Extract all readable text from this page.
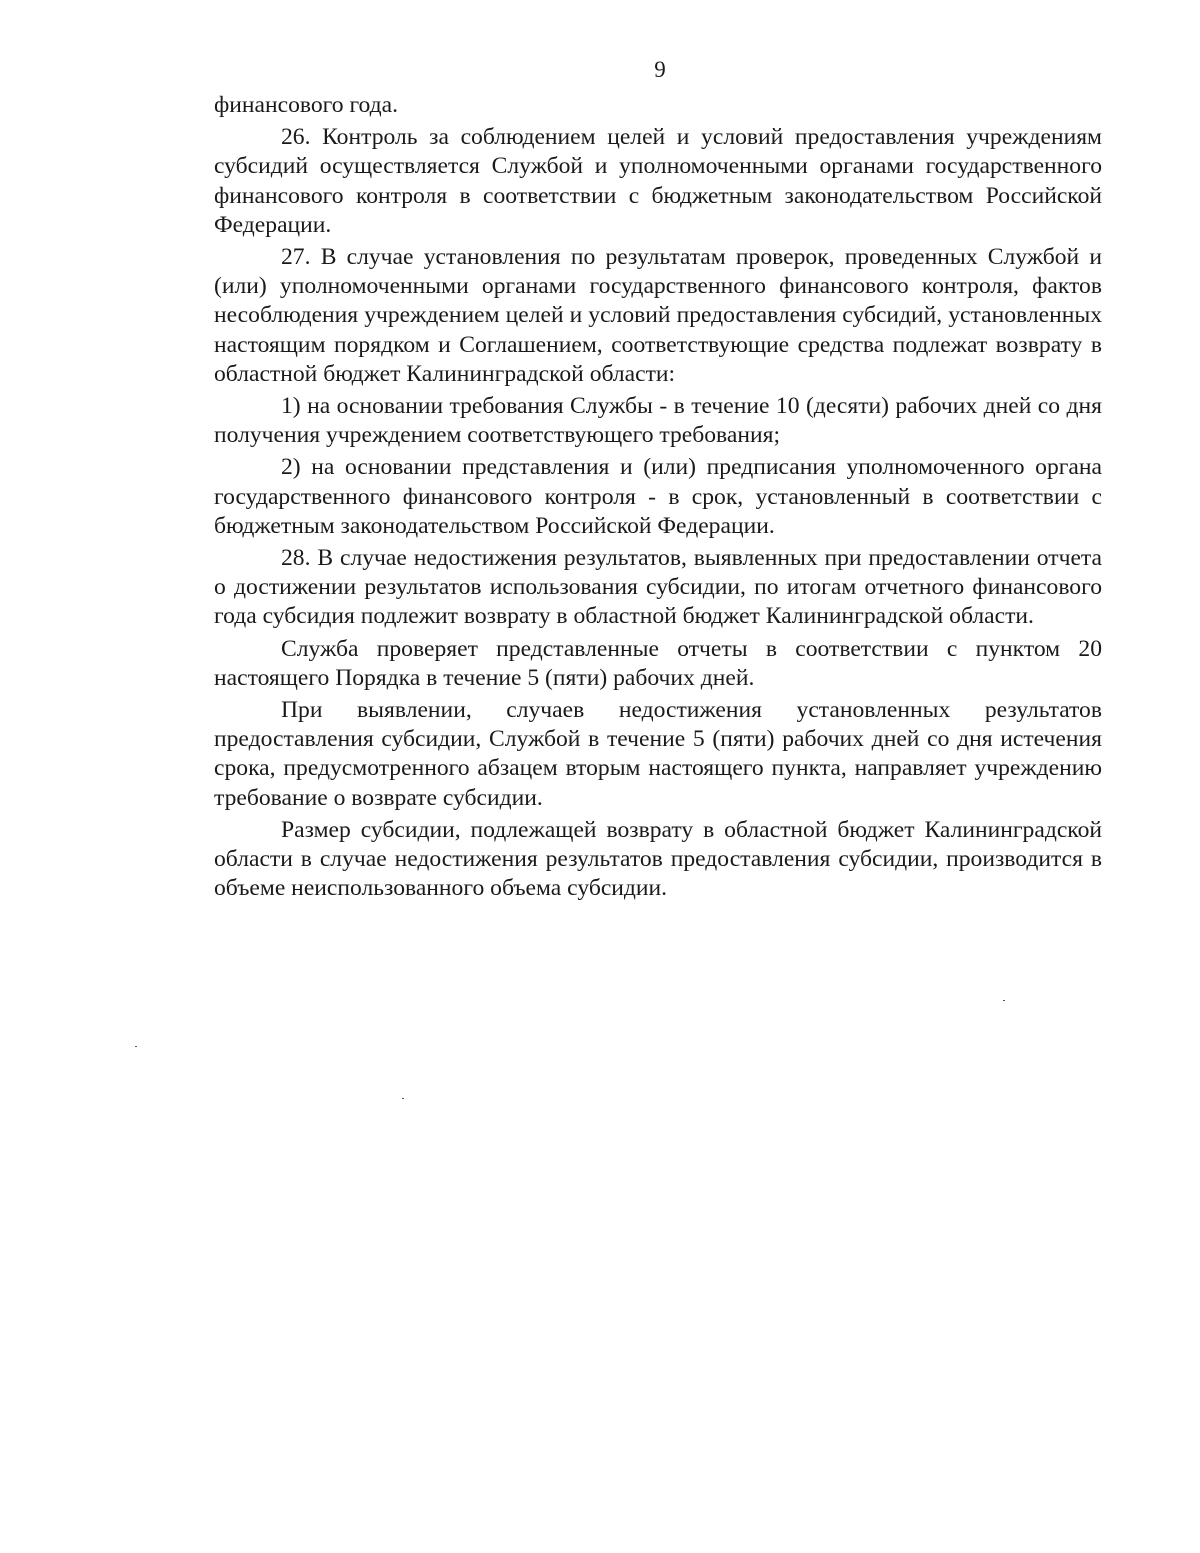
9

финансового года.

26. Контроль за соблюдением целей и условий предоставления учреждениям субсидий осуществляется Службой и уполномоченными органами государственного финансового контроля в соответствии с бюджетным законодательством Российской Федерации.

27. В случае установления по результатам проверок, проведенных Службой и (или) уполномоченными органами государственного финансового контроля, фактов несоблюдения учреждением целей и условий предоставления субсидий, установленных настоящим порядком и Соглашением, соответствующие средства подлежат возврату в областной бюджет Калининградской области:

1) на основании требования Службы - в течение 10 (десяти) рабочих дней со дня получения учреждением соответствующего требования;

2) на основании представления и (или) предписания уполномоченного органа государственного финансового контроля - в срок, установленный в соответствии с бюджетным законодательством Российской Федерации.

28. В случае недостижения результатов, выявленных при предоставлении отчета о достижении результатов использования субсидии, по итогам отчетного финансового года субсидия подлежит возврату в областной бюджет Калининградской области.

Служба проверяет представленные отчеты в соответствии с пунктом 20 настоящего Порядка в течение 5 (пяти) рабочих дней.

При выявлении, случаев недостижения установленных результатов предоставления субсидии, Службой в течение 5 (пяти) рабочих дней со дня истечения срока, предусмотренного абзацем вторым настоящего пункта, направляет учреждению требование о возврате субсидии.

Размер субсидии, подлежащей возврату в областной бюджет Калининградской области в случае недостижения результатов предоставления субсидии, производится в объеме неиспользованного объема субсидии.
